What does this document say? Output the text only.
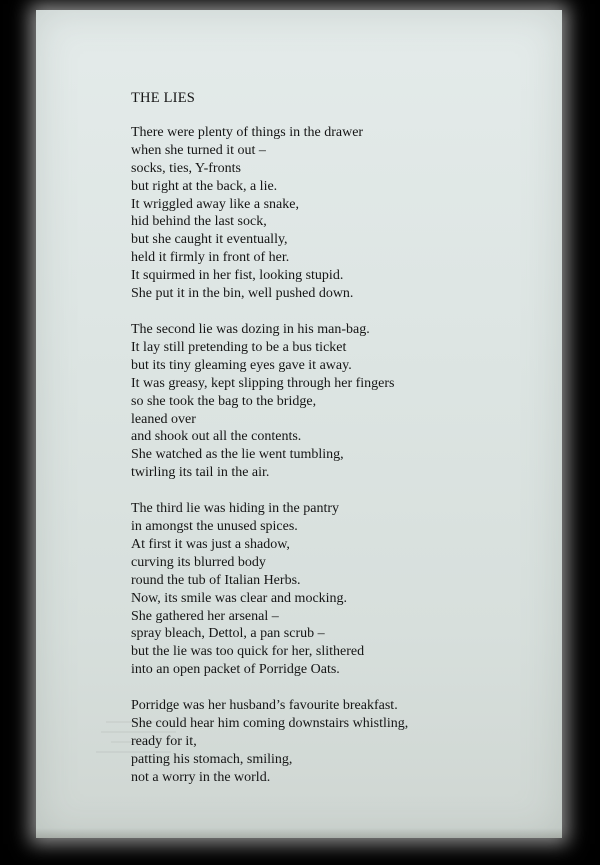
THE LIES
There were plenty of things in the drawer
when she turned it out –
socks, ties, Y-fronts
but right at the back, a lie.
It wriggled away like a snake,
hid behind the last sock,
but she caught it eventually,
held it firmly in front of her.
It squirmed in her fist, looking stupid.
She put it in the bin, well pushed down.
The second lie was dozing in his man-bag.
It lay still pretending to be a bus ticket
but its tiny gleaming eyes gave it away.
It was greasy, kept slipping through her fingers
so she took the bag to the bridge,
leaned over
and shook out all the contents.
She watched as the lie went tumbling,
twirling its tail in the air.
The third lie was hiding in the pantry
in amongst the unused spices.
At first it was just a shadow,
curving its blurred body
round the tub of Italian Herbs.
Now, its smile was clear and mocking.
She gathered her arsenal –
spray bleach, Dettol, a pan scrub –
but the lie was too quick for her, slithered
into an open packet of Porridge Oats.
Porridge was her husband’s favourite breakfast.
She could hear him coming downstairs whistling,
ready for it,
patting his stomach, smiling,
not a worry in the world.
